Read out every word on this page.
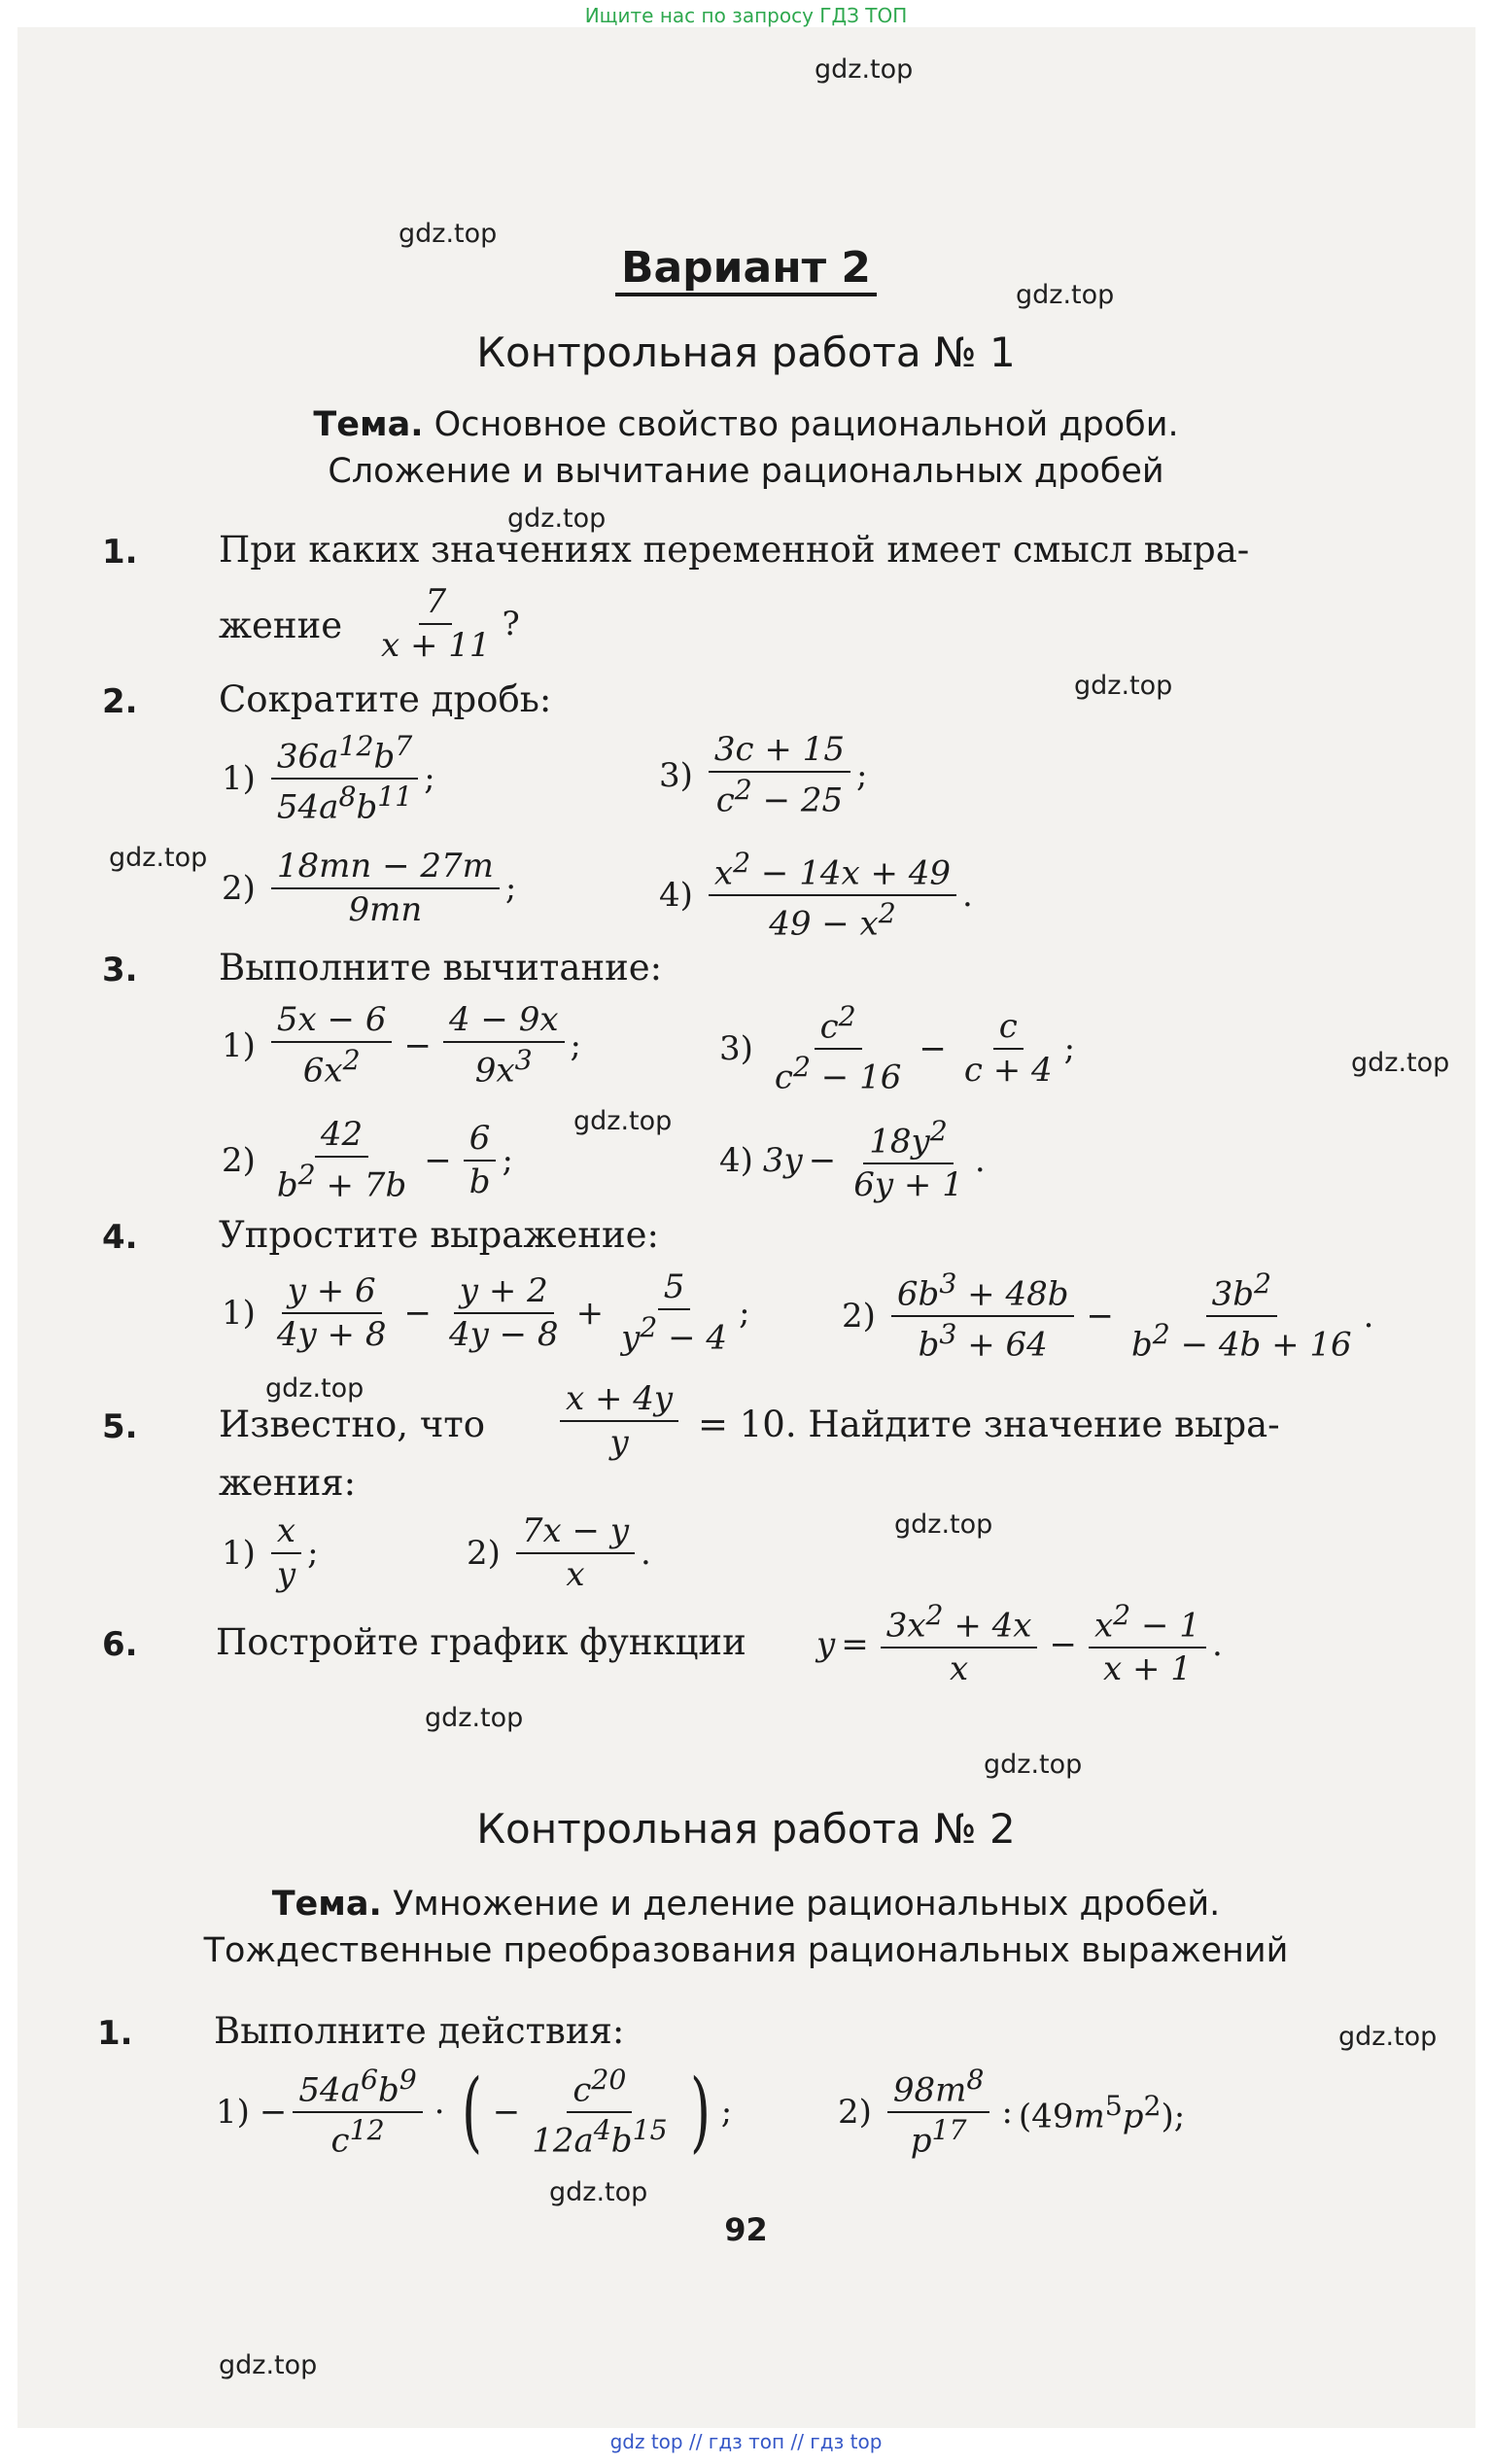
Ищите нас по запросу ГДЗ ТОП
gdz.top
gdz.top
gdz.top
gdz.top
gdz.top
gdz.top
gdz.top
gdz.top
gdz.top
gdz.top
gdz.top
gdz.top
gdz.top
gdz.top
gdz.top
Вариант 2
Контрольная работа № 1
Тема. Основное свойство рациональной дроби.
Сложение и вычитание рациональных дробей
1. При каких значениях переменной имеет смысл выра-
жение $\frac{7}{x + 11}$ ?
2. Сократите дробь:
$1) \frac{36a^{12}b^7}{54a^8b^{11}}$ ;	$3) \frac{3c + 15}{c^2 - 25}$ ;
$2) \frac{18mn - 27m}{9mn}$ ;	$4) \frac{x^2 - 14x + 49}{49 - x^2}$ .
3. Выполните вычитание:
$1) \frac{5x - 6}{6x^2} - \frac{4 - 9x}{9x^3}$ ;	$3) \frac{c^2}{c^2 - 16} - \frac{c}{c + 4}$ ;
$2) \frac{42}{b^2 + 7b} - \frac{6}{b}$ ;	4) $3y - \frac{18y^2}{6y + 1}$ .
4. Упростите выражение:
$1) \frac{y + 6}{4y + 8} - \frac{y + 2}{4y - 8} + \frac{5}{y^2 - 4}$ ;	$2) \frac{6b^3 + 48b}{b^3 + 64} - \frac{3b^2}{b^2 - 4b + 16}$ .
5. Известно, что $\frac{x + 4y}{y} = 10$. Найдите значение выра-
жения:
$1) \frac{x}{y}$ ;	$2) \frac{7x - y}{x}$ .
6. Постройте график функции $y = \frac{3x^2 + 4x}{x} - \frac{x^2 - 1}{x + 1}$ .
Контрольная работа № 2
Тема. Умножение и деление рациональных дробей.
Тождественные преобразования рациональных выражений
1. Выполните действия:
$1) - \frac{54a^6b^9}{c^{12}}$ · ( − $\frac{c^{20}}{12a^4b^{15}}$ ) ;	$2) \frac{98m^8}{p^{17}}$ : $(49m^5p^2)$;
92
gdz top // гдз топ // гдз top
